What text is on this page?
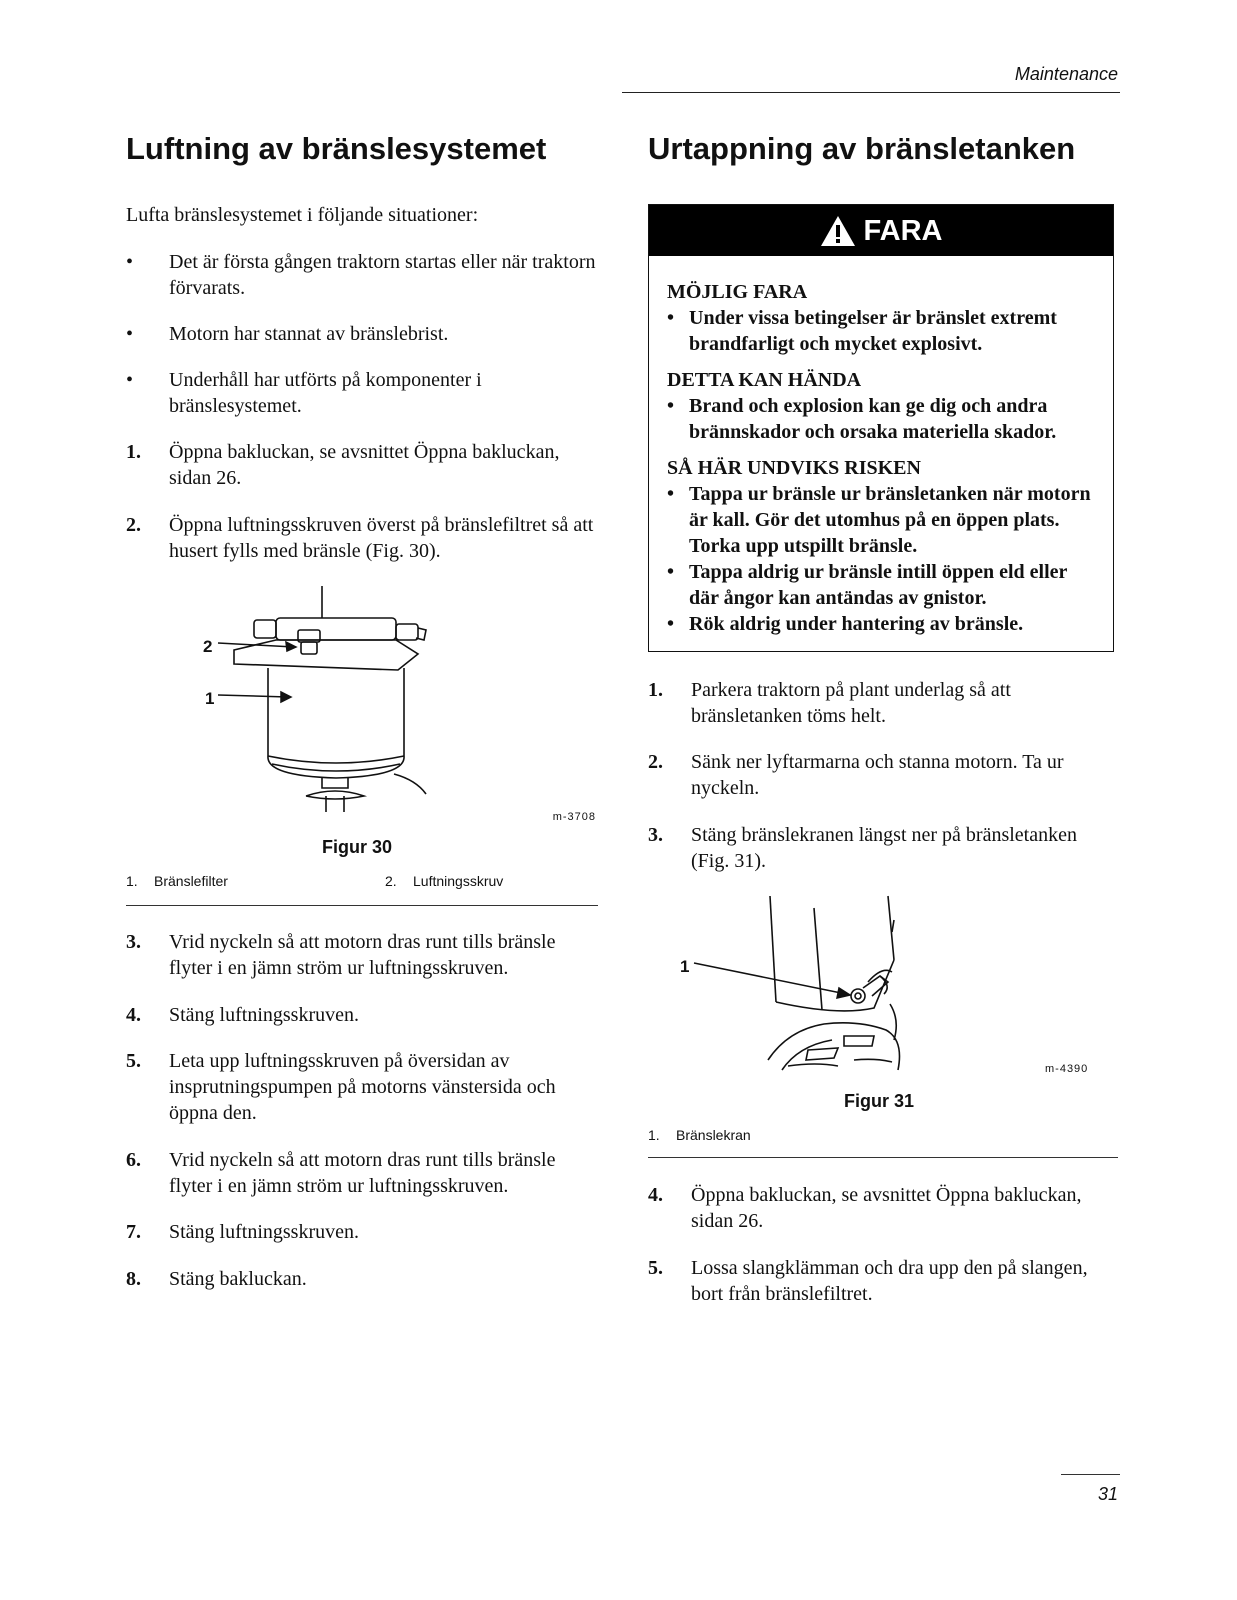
Maintenance
Luftning av bränslesystemet

Lufta bränslesystemet i följande situationer:

•	Det är första gången traktorn startas eller när traktorn förvarats.
•	Motorn har stannat av bränslebrist.
•	Underhåll har utförts på komponenter i bränslesystemet.
1.	Öppna bakluckan, se avsnittet Öppna bakluckan, sidan 26.
2.	Öppna luftningsskruven överst på bränslefiltret så att husert fylls med bränsle (Fig. 30).
2
1
m-3708
Figur 30
1.	Bränslefilter	2.	Luftningsskruv
3.	Vrid nyckeln så att motorn dras runt tills bränsle flyter i en jämn ström ur luftningsskruven.
4.	Stäng luftningsskruven.
5.	Leta upp luftningsskruven på översidan av insprutningspumpen på motorns vänstersida och öppna den.
6.	Vrid nyckeln så att motorn dras runt tills bränsle flyter i en jämn ström ur luftningsskruven.
7.	Stäng luftningsskruven.
8.	Stäng bakluckan.
Urtappning av bränsletanken
FARA

MÖJLIG FARA

• Under vissa betingelser är bränslet extremt brandfarligt och mycket explosivt.

DETTA KAN HÄNDA

• Brand och explosion kan ge dig och andra brännskador och orsaka materiella skador.

SÅ HÄR UNDVIKS RISKEN

• Tappa ur bränsle ur bränsletanken när motorn är kall. Gör det utomhus på en öppen plats. Torka upp utspillt bränsle.
• Tappa aldrig ur bränsle intill öppen eld eller där ångor kan antändas av gnistor.
• Rök aldrig under hantering av bränsle.
1.	Parkera traktorn på plant underlag så att bränsletanken töms helt.
2.	Sänk ner lyftarmarna och stanna motorn. Ta ur nyckeln.
3.	Stäng bränslekranen längst ner på bränsletanken (Fig. 31).
1
m-4390
Figur 31
1.	Bränslekran
4.	Öppna bakluckan, se avsnittet Öppna bakluckan, sidan 26.
5.	Lossa slangklämman och dra upp den på slangen, bort från bränslefiltret.
31
